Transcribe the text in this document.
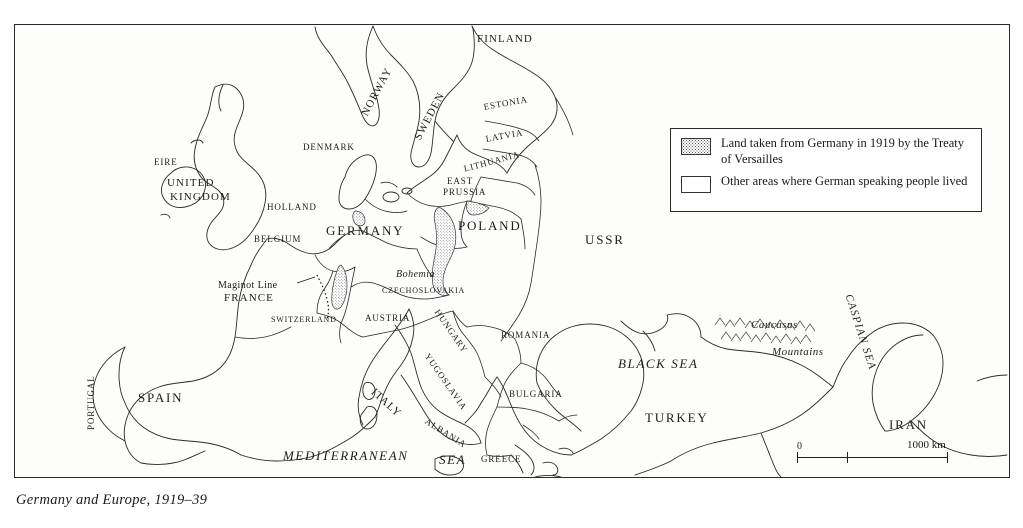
NORWAY SWEDEN
FINLAND
ESTONIA
LATVIA
LITHUANIA
DENMARK
EIRE
UNITED
KINGDOM
HOLLAND
BELGIUM
GERMANY
EAST
PRUSSIA
POLAND
USSR
FRANCE
SWITZERLAND	AUSTRIA
CZECHOSLOVAKIA
HUNGARY	ROMANIA
YUGOSLAVIA	BULGARIA
ITALY
ALBANIA
GREECE
TURKEY
SPAIN
PORTUGAL	IRAN
Bohemia
Caucasus
Mountains
BLACK SEA	CASPIAN SEA
MEDITERRANEAN SEA
Maginot Line
Land taken from Germany in 1919 by the Treaty of Versailles
Other areas where German speaking people lived
0	1000 km
Germany and Europe, 1919–39
